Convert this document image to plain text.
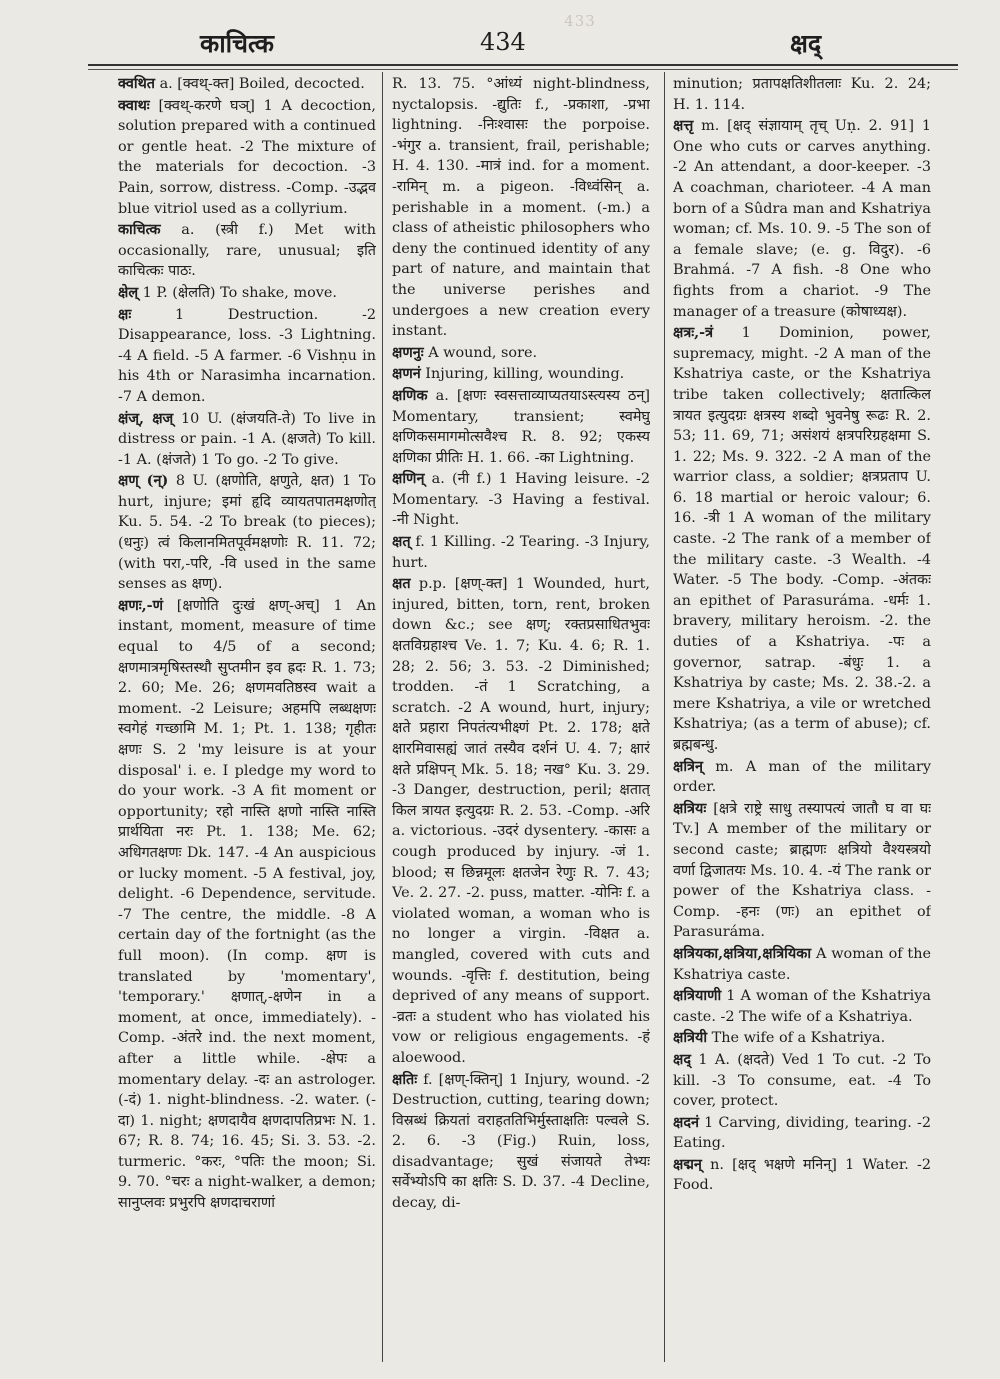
433
काचित्क	434	क्षद्
क्वथित a. [क्वथ्-क्त] Boiled, decocted.
क्वाथः [क्वथ्-करणे घञ्] 1 A decoction, solution prepared with a continued or gentle heat. -2 The mixture of the materials for decoction. -3 Pain, sorrow, distress. -Comp. -उद्भव blue vitriol used as a collyrium.
काचित्क a. (स्त्री f.) Met with occasionally, rare, unusual; इति काचित्कः पाठः.
क्षेल् 1 P. (क्षेलति) To shake, move.
क्षः	1 Destruction. -2 Disappearance, loss. -3 Lightning. -4 A field. -5 A farmer. -6 Vishṇu in his 4th or Narasimha incarnation. -7 A demon.
क्षंज्, क्षज् 10 U. (क्षंजयति-ते) To live in distress or pain. -1 A. (क्षजते) To kill. -1 A. (क्षंजते) 1 To go. -2 To give.
क्षण् (न्) 8 U. (क्षणोति, क्षणुते, क्षत) 1 To hurt, injure; इमां हृदि व्यायतपातमक्षणोत् Ku. 5. 54. -2 To break (to pieces); (धनुः) त्वं किलानमितपूर्वमक्षणोः R. 11. 72; (with परा,-परि, -वि used in the same senses as क्षण्).
क्षणः,-णं [क्षणोति दुःखं क्षण्-अच्] 1 An instant, moment, measure of time equal to 4/5 of a second; क्षणमात्रमृषिस्तस्थौ सुप्तमीन इव ह्रदः R. 1. 73; 2. 60; Me. 26; क्षणमवतिष्ठस्व wait a moment. -2 Leisure; अहमपि लब्धक्षणः स्वगेहं गच्छामि M. 1; Pt. 1. 138; गृहीतः क्षणः S. 2 'my leisure is at your disposal' i. e. I pledge my word to do your work. -3 A fit moment or opportunity; रहो नास्ति क्षणो नास्ति नास्ति प्रार्थयिता नरः Pt. 1. 138; Me. 62; अधिगतक्षणः Dk. 147. -4 An auspicious or lucky moment. -5 A festival, joy, delight. -6 Dependence, servitude. -7 The centre, the middle. -8 A certain day of the fortnight (as the full moon). (In comp. क्षण is translated by 'momentary', 'temporary.' क्षणात्,-क्षणेन in a moment, at once, immediately). -Comp. -अंतरे ind. the next moment, after a little while. -क्षेपः a momentary delay. -दः an astrologer. (-दं) 1. night-blindness. -2. water. (-दा) 1. night; क्षणदायैव क्षणदापतिप्रभः N. 1. 67; R. 8. 74; 16. 45; Si. 3. 53. -2. turmeric. °करः, °पतिः the moon; Si. 9. 70. °चरः a night-walker, a demon; सानुप्लवः प्रभुरपि क्षणदाचराणां
R. 13. 75. °आंध्यं night-blindness, nyctalopsis. -द्युतिः f., -प्रकाशा, -प्रभा lightning. -निःश्वासः the porpoise. -भंगुर a. transient, frail, perishable; H. 4. 130. -मात्रं ind. for a moment. -रामिन् m. a pigeon. -विध्वंसिन् a. perishable in a moment. (-m.) a class of atheistic philosophers who deny the continued identity of any part of nature, and maintain that the universe perishes and undergoes a new creation every instant.
क्षणनुः A wound, sore.
क्षणनं Injuring, killing, wounding.
क्षणिक a. [क्षणः स्वसत्ताव्याप्यतयाऽस्त्यस्य ठन्] Momentary, transient; स्वमेघु क्षणिकसमागमोत्सवैश्च R. 8. 92; एकस्य क्षणिका प्रीतिः H. 1. 66. -का Lightning.
क्षणिन् a. (नी f.) 1 Having leisure. -2 Momentary. -3 Having a festival. -नी Night.
क्षत् f. 1 Killing. -2 Tearing. -3 Injury, hurt.
क्षत p.p. [क्षण्-क्त] 1 Wounded, hurt, injured, bitten, torn, rent, broken down &c.; see क्षण्; रक्तप्रसाधितभुवः क्षतविग्रहाश्च Ve. 1. 7; Ku. 4. 6; R. 1. 28; 2. 56; 3. 53. -2 Diminished; trodden. -तं 1 Scratching, a scratch. -2 A wound, hurt, injury; क्षते प्रहारा निपतंत्यभीक्ष्णं Pt. 2. 178; क्षते क्षारमिवासह्यं जातं तस्यैव दर्शनं U. 4. 7; क्षारं क्षते प्रक्षिपन् Mk. 5. 18; नख° Ku. 3. 29. -3 Danger, destruction, peril; क्षतात् किल त्रायत इत्युदग्रः R. 2. 53. -Comp. -अरि a. victorious. -उदरं dysentery. -कासः a cough produced by injury. -जं 1. blood; स छिन्नमूलः क्षतजेन रेणुः R. 7. 43; Ve. 2. 27. -2. puss, matter. -योनिः f. a violated woman, a woman who is no longer a virgin. -विक्षत a. mangled, covered with cuts and wounds. -वृत्तिः f. destitution, being deprived of any means of support. -व्रतः a student who has violated his vow or religious engagements. -हं aloewood.
क्षतिः f. [क्षण्-क्तिन्] 1 Injury, wound. -2 Destruction, cutting, tearing down; विस्रब्धं क्रियतां वराहततिभिर्मुस्ताक्षतिः पल्वले S. 2. 6. -3 (Fig.) Ruin, loss, disadvantage; सुखं संजायते तेभ्यः सर्वेभ्योऽपि का क्षतिः S. D. 37. -4 Decline, decay, di-
minution; प्रतापक्षतिशीतलाः Ku. 2. 24; H. 1. 114.
क्षत्तृ m. [क्षद् संज्ञायाम् तृच् Uṇ. 2. 91] 1 One who cuts or carves anything. -2 An attendant, a door-keeper. -3 A coachman, charioteer. -4 A man born of a Sûdra man and Kshatriya woman; cf. Ms. 10. 9. -5 The son of a female slave; (e. g. विदुर). -6 Brahmá. -7 A fish. -8 One who fights from a chariot. -9 The manager of a treasure (कोषाध्यक्ष).
क्षत्रः,-त्रं 1 Dominion, power, supremacy, might. -2 A man of the Kshatriya caste, or the Kshatriya tribe taken collectively; क्षतात्किल त्रायत इत्युदग्रः क्षत्रस्य शब्दो भुवनेषु रूढः R. 2. 53; 11. 69, 71; असंशयं क्षत्रपरिग्रहक्षमा S. 1. 22; Ms. 9. 322. -2 A man of the warrior class, a soldier; क्षत्रप्रताप U. 6. 18 martial or heroic valour; 6. 16. -त्री 1 A woman of the military caste. -2 The rank of a member of the military caste. -3 Wealth. -4 Water. -5 The body. -Comp. -अंतकः an epithet of Parasuráma. -धर्मः 1. bravery, military heroism. -2. the duties of a Kshatriya. -पः a governor, satrap. -बंधुः 1. a Kshatriya by caste; Ms. 2. 38.-2. a mere Kshatriya, a vile or wretched Kshatriya; (as a term of abuse); cf. ब्रह्मबन्धु.
क्षत्रिन् m. A man of the military order.
क्षत्रियः [क्षत्रे राष्ट्रे साधु तस्यापत्यं जातौ घ वा घः Tv.] A member of the military or second caste; ब्राह्मणः क्षत्रियो वैश्यस्त्रयो वर्णा द्विजातयः Ms. 10. 4. -यं The rank or power of the Kshatriya class. -Comp. -हनः (णः) an epithet of Parasuráma.
क्षत्रियका,क्षत्रिया,क्षत्रियिका A woman of the Kshatriya caste.
क्षत्रियाणी 1 A woman of the Kshatriya caste. -2 The wife of a Kshatriya.
क्षत्रियी The wife of a Kshatriya.
क्षद् 1 A. (क्षदते) Ved 1 To cut. -2 To kill. -3 To consume, eat. -4 To cover, protect.
क्षदनं 1 Carving, dividing, tearing. -2 Eating.
क्षद्मन् n. [क्षद् भक्षणे मनिन्] 1 Water. -2 Food.
